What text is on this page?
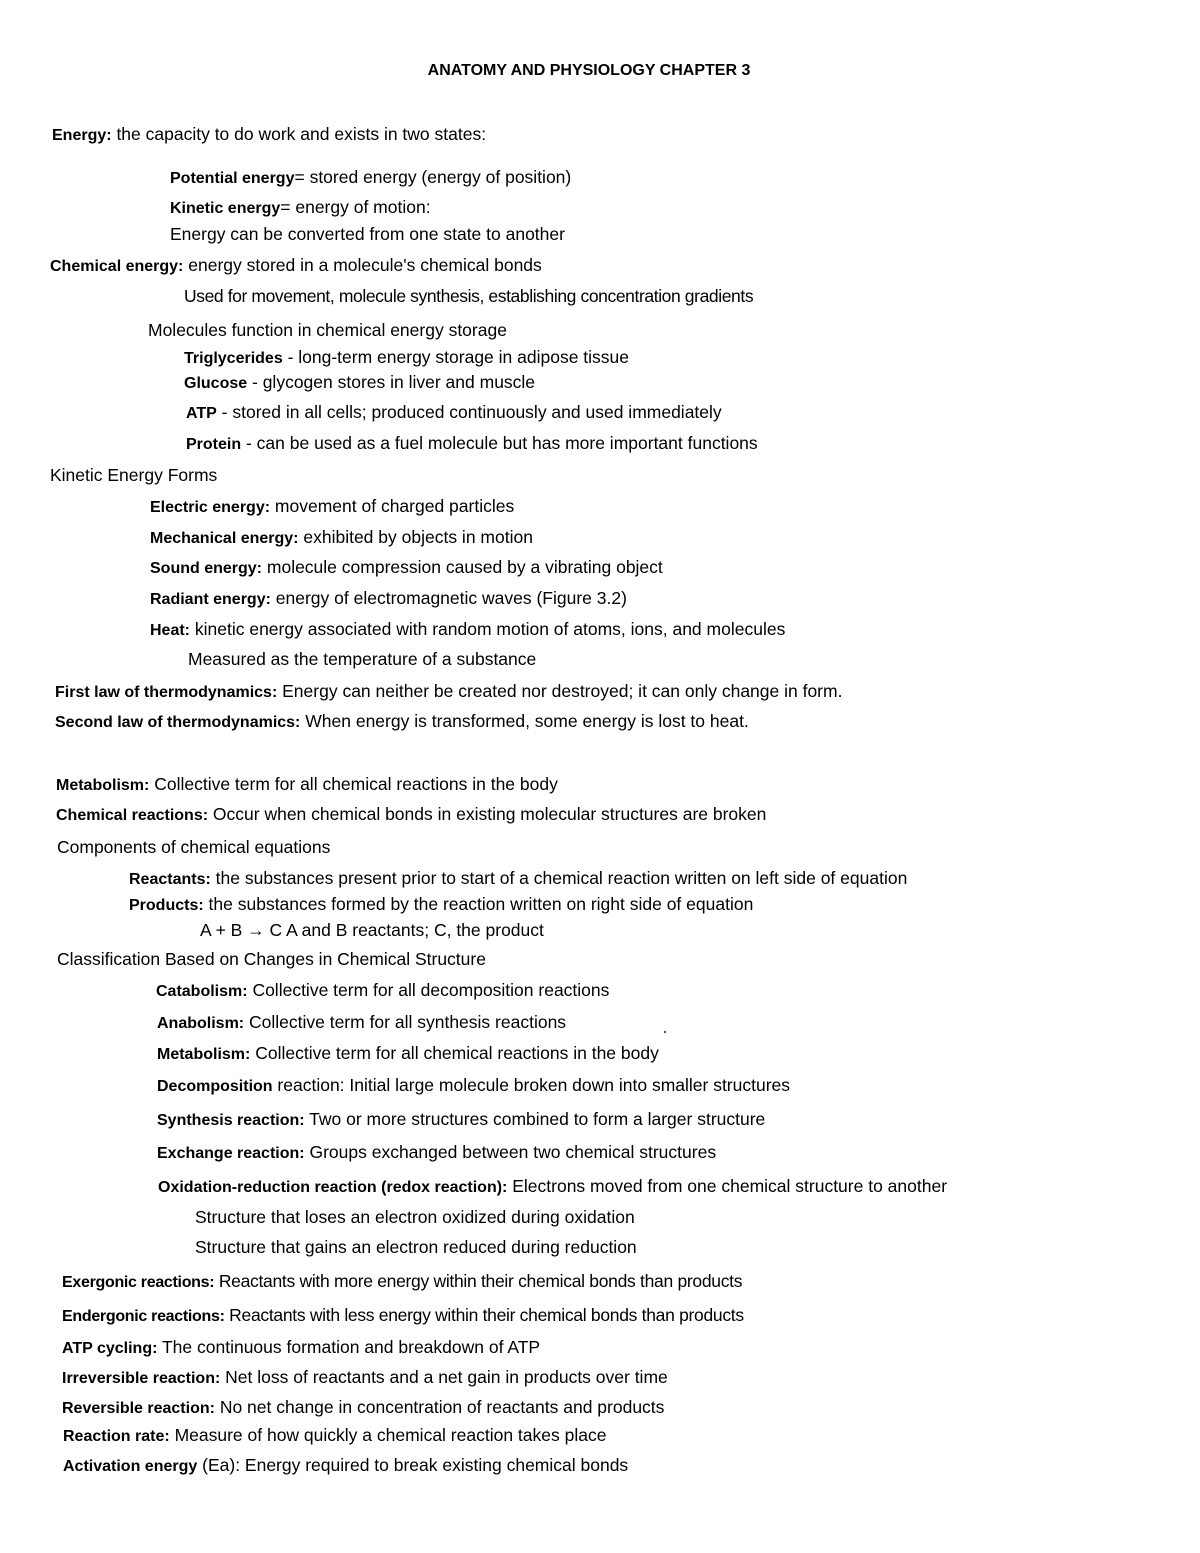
ANATOMY AND PHYSIOLOGY CHAPTER 3
Energy: the capacity to do work and exists in two states:
Potential energy= stored energy (energy of position)
Kinetic energy= energy of motion:
Energy can be converted from one state to another
Chemical energy: energy stored in a molecule's chemical bonds
Used for movement, molecule synthesis, establishing concentration gradients
Molecules function in chemical energy storage
Triglycerides - long-term energy storage in adipose tissue
Glucose - glycogen stores in liver and muscle
ATP - stored in all cells; produced continuously and used immediately
Protein - can be used as a fuel molecule but has more important functions
Kinetic Energy Forms
Electric energy: movement of charged particles
Mechanical energy: exhibited by objects in motion
Sound energy: molecule compression caused by a vibrating object
Radiant energy: energy of electromagnetic waves (Figure 3.2)
Heat: kinetic energy associated with random motion of atoms, ions, and molecules
Measured as the temperature of a substance
First law of thermodynamics: Energy can neither be created nor destroyed; it can only change in form.
Second law of thermodynamics: When energy is transformed, some energy is lost to heat.
Metabolism: Collective term for all chemical reactions in the body
Chemical reactions: Occur when chemical bonds in existing molecular structures are broken
Components of chemical equations
Reactants: the substances present prior to start of a chemical reaction written on left side of equation
Products: the substances formed by the reaction written on right side of equation
A + B → C A and B reactants; C, the product
Classification Based on Changes in Chemical Structure
Catabolism: Collective term for all decomposition reactions
Anabolism: Collective term for all synthesis reactions
Metabolism: Collective term for all chemical reactions in the body
Decomposition reaction: Initial large molecule broken down into smaller structures
Synthesis reaction: Two or more structures combined to form a larger structure
Exchange reaction: Groups exchanged between two chemical structures
Oxidation-reduction reaction (redox reaction): Electrons moved from one chemical structure to another
Structure that loses an electron oxidized during oxidation
Structure that gains an electron reduced during reduction
Exergonic reactions: Reactants with more energy within their chemical bonds than products
Endergonic reactions: Reactants with less energy within their chemical bonds than products
ATP cycling: The continuous formation and breakdown of ATP
Irreversible reaction: Net loss of reactants and a net gain in products over time
Reversible reaction: No net change in concentration of reactants and products
Reaction rate: Measure of how quickly a chemical reaction takes place
Activation energy (Ea): Energy required to break existing chemical bonds
